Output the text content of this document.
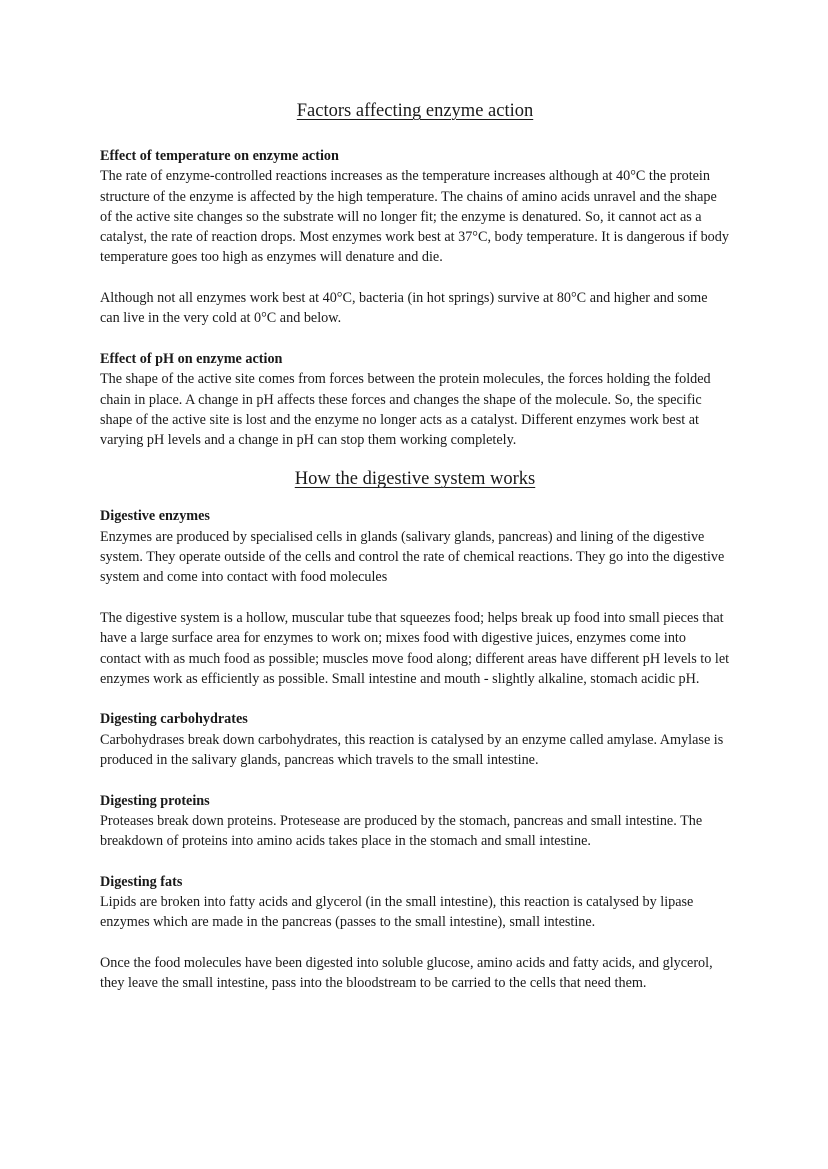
Factors affecting enzyme action
Effect of temperature on enzyme action

The rate of enzyme-controlled reactions increases as the temperature increases although at 40°C the protein structure of the enzyme is affected by the high temperature. The chains of amino acids unravel and the shape of the active site changes so the substrate will no longer fit; the enzyme is denatured. So, it cannot act as a catalyst, the rate of reaction drops. Most enzymes work best at 37°C, body temperature. It is dangerous if body temperature goes too high as enzymes will denature and die.

Although not all enzymes work best at 40°C, bacteria (in hot springs) survive at 80°C and higher and some can live in the very cold at 0°C and below.

Effect of pH on enzyme action

The shape of the active site comes from forces between the protein molecules, the forces holding the folded chain in place. A change in pH affects these forces and changes the shape of the molecule. So, the specific shape of the active site is lost and the enzyme no longer acts as a catalyst. Different enzymes work best at varying pH levels and a change in pH can stop them working completely.

How the digestive system works
Digestive enzymes

Enzymes are produced by specialised cells in glands (salivary glands, pancreas) and lining of the digestive system. They operate outside of the cells and control the rate of chemical reactions. They go into the digestive system and come into contact with food molecules

The digestive system is a hollow, muscular tube that squeezes food; helps break up food into small pieces that have a large surface area for enzymes to work on; mixes food with digestive juices, enzymes come into contact with as much food as possible; muscles move food along; different areas have different pH levels to let enzymes work as efficiently as possible. Small intestine and mouth - slightly alkaline, stomach acidic pH.

Digesting carbohydrates

Carbohydrases break down carbohydrates, this reaction is catalysed by an enzyme called amylase. Amylase is produced in the salivary glands, pancreas which travels to the small intestine.

Digesting proteins

Proteases break down proteins. Protesease are produced by the stomach, pancreas and small intestine. The breakdown of proteins into amino acids takes place in the stomach and small intestine.

Digesting fats

Lipids are broken into fatty acids and glycerol (in the small intestine), this reaction is catalysed by lipase enzymes which are made in the pancreas (passes to the small intestine), small intestine.

Once the food molecules have been digested into soluble glucose, amino acids and fatty acids, and glycerol, they leave the small intestine, pass into the bloodstream to be carried to the cells that need them.
